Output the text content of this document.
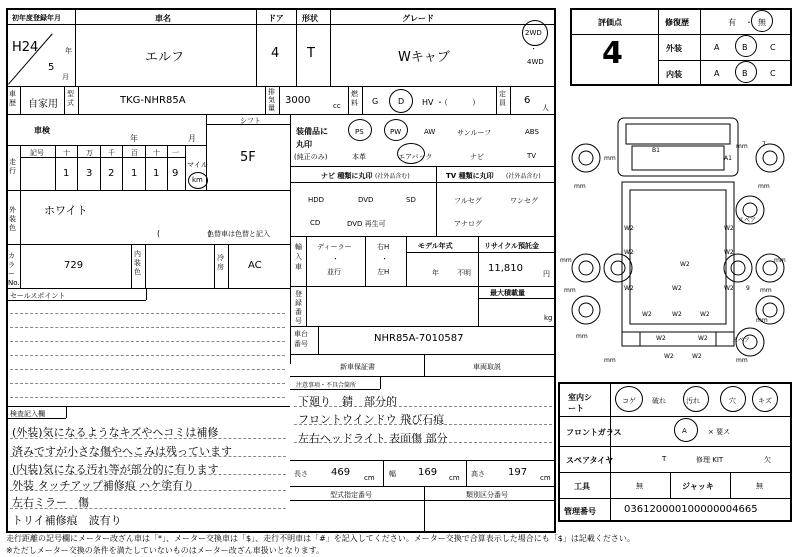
初年度登録年月	車名	ドア 形状	グレード
H24
5
年
月
エルフ	4 T	Wキャブ
2WD
・
4WD
車歴 自家用
型式	TKG-NHR85A
排気量
3000	cc
燃料 G D HV ・（　　　）
定員 6
人
車検
年	月
シフト
5F
走行
記号	十 万 千 百 十 一
マイル
1 3 2 1 1 9
km
外装色
ホワイト
(　　　　　　)
色替車は色替と記入
カラーNo.
729
内装色
冷房 AC
セールスポイント
装備品に
丸印
(純正のみ)
PS	PW	AW	サンルーフ	ABS
本革	エアバック	ナビ	TV
ナビ 種類に丸印 (社外品含む)	TV 種類に丸印 (社外品含む)
HDD	DVD	SD
CD	DVD 再生可
フルセグ	ワンセグ
アナログ
輸入車
ディーラー
・
並行
右H
・
左H
モデル年式
年	不明
リサイクル預託金
11,810	円
登録番号
最大積載量
kg
車台番号	NHR85A-7010587
新車保証書	車両取説
注意事項・不具合箇所
下廻り　錆　部分的
フロントウインドウ 飛び石痕
左右ヘッドライト 表面傷 部分
検査記入欄
(外装)気になるようなキズやヘコミは補修
済みですが小さな傷やへこみは残っています
(内装)気になる汚れ等が部分的に有ります
外装 タッチアップ補修痕 ハケ塗有り
左右ミラー　傷
トリイ補修痕　波有り
長さ 469 cm 幅 169 cm 高さ 197 cm
型式指定番号	類別区分番号
評価点
4
修復歴	有 ・ 無
外装	A	B	C
内装	A	B	C
B1
A1
W2	W2
W2	W2
W2
W2
W2	W2
W2	W2
W2	W2
W2	W2
W2
mm
mm
mm	mm
mm	mm
mm	mm
mm
mm
mm	mm
7
9
スペア
スペア
室内シート
コゲ 破れ	汚れ	穴	キズ
フロントガラス	A	× 要ス
スペアタイヤ	T	修理 KIT	欠
工具	無	ジャッキ	無
管理番号	036120000100000004665
走行距離の記号欄にメーター改ざん車は「*」、メーター交換車は「$」、走行不明車は「#」を記入してください。メーター交換で合算表示した場合にも「$」は記載ください。
※ただしメーター交換の条件を満たしていないものはメーター改ざん車扱いとなります。
